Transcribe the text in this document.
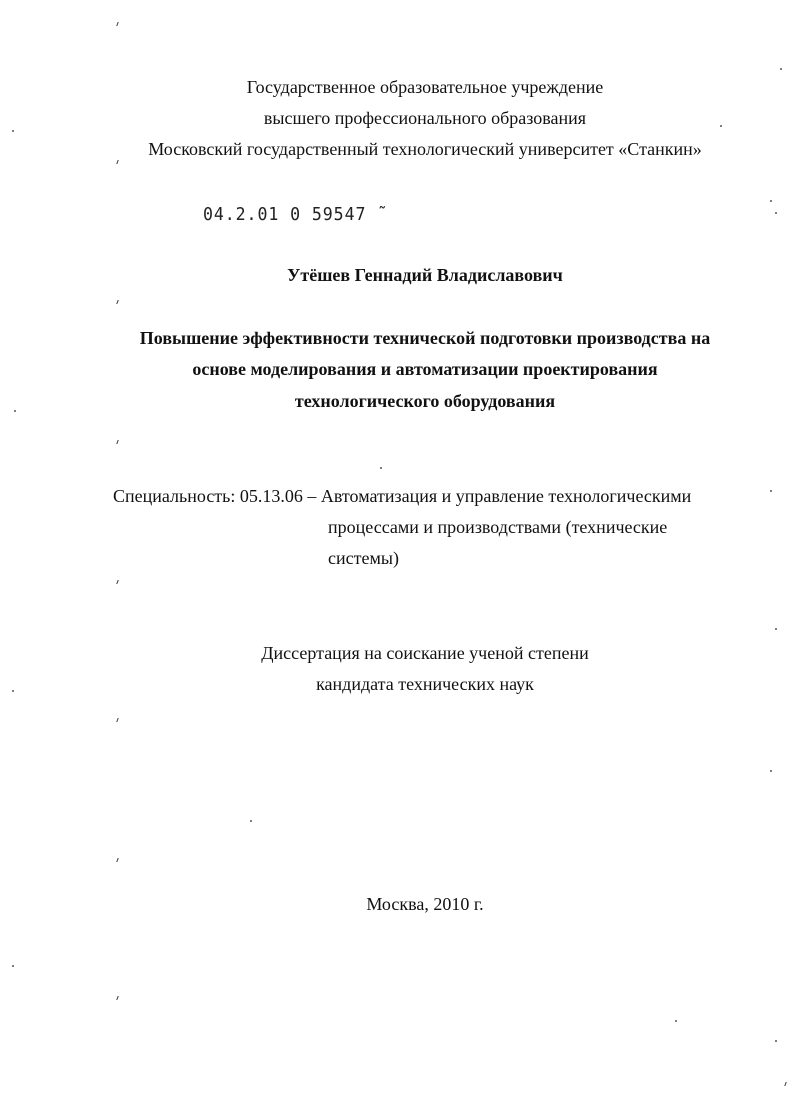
Государственное образовательное учреждение
высшего профессионального образования
Московский государственный технологический университет «Станкин»
04.2.01 0 59547 ˜
Утёшев Геннадий Владиславович
Повышение эффективности технической подготовки производства на
основе моделирования и автоматизации проектирования
технологического оборудования
Специальность: 05.13.06 – Автоматизация и управление технологическими
процессами и производствами (технические
системы)
Диссертация на соискание ученой степени
кандидата технических наук
Москва, 2010 г.
